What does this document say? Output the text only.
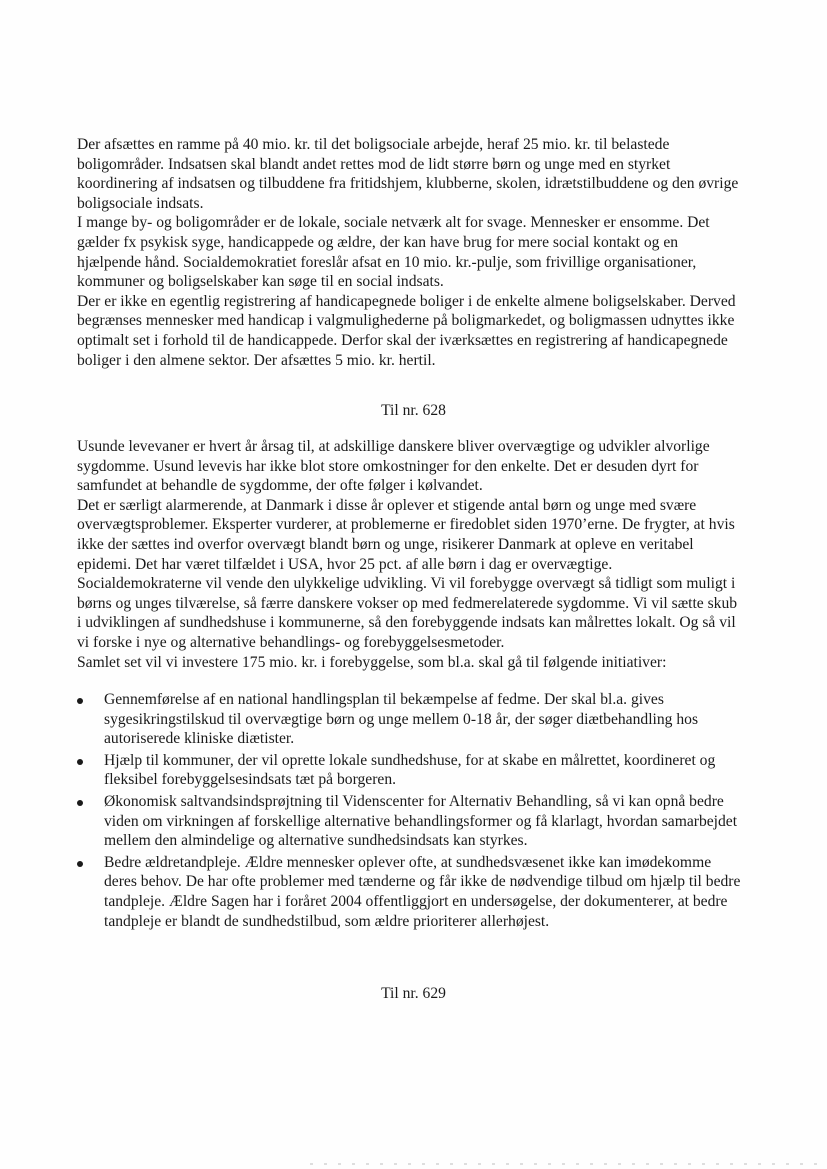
Der afsættes en ramme på 40 mio. kr. til det boligsociale arbejde, heraf 25 mio. kr. til belastede boligområder. Indsatsen skal blandt andet rettes mod de lidt større børn og unge med en styrket koordinering af indsatsen og tilbuddene fra fritidshjem, klubberne, skolen, idrætstilbuddene og den øvrige boligsociale indsats.

I mange by- og boligområder er de lokale, sociale netværk alt for svage. Mennesker er ensomme. Det gælder fx psykisk syge, handicappede og ældre, der kan have brug for mere social kontakt og en hjælpende hånd. Socialdemokratiet foreslår afsat en 10 mio. kr.-pulje, som frivillige organisationer, kommuner og boligselskaber kan søge til en social indsats.

Der er ikke en egentlig registrering af handicapegnede boliger i de enkelte almene boligselskaber. Derved begrænses mennesker med handicap i valgmulighederne på boligmarkedet, og boligmassen udnyttes ikke optimalt set i forhold til de handicappede. Derfor skal der iværksættes en registrering af handicapegnede boliger i den almene sektor. Der afsættes 5 mio. kr. hertil.

Til nr. 628

Usunde levevaner er hvert år årsag til, at adskillige danskere bliver overvægtige og udvikler alvorlige sygdomme. Usund levevis har ikke blot store omkostninger for den enkelte. Det er desuden dyrt for samfundet at behandle de sygdomme, der ofte følger i kølvandet.

Det er særligt alarmerende, at Danmark i disse år oplever et stigende antal børn og unge med svære overvægtsproblemer. Eksperter vurderer, at problemerne er firedoblet siden 1970’erne. De frygter, at hvis ikke der sættes ind overfor overvægt blandt børn og unge, risikerer Danmark at opleve en veritabel epidemi. Det har været tilfældet i USA, hvor 25 pct. af alle børn i dag er overvægtige.

Socialdemokraterne vil vende den ulykkelige udvikling. Vi vil forebygge overvægt så tidligt som muligt i børns og unges tilværelse, så færre danskere vokser op med fedmerelaterede sygdomme. Vi vil sætte skub i udviklingen af sundhedshuse i kommunerne, så den forebyggende indsats kan målrettes lokalt. Og så vil vi forske i nye og alternative behandlings- og forebyggelsesmetoder.

Samlet set vil vi investere 175 mio. kr. i forebyggelse, som bl.a. skal gå til følgende initiativer:

Gennemførelse af en national handlingsplan til bekæmpelse af fedme. Der skal bl.a. gives sygesikringstilskud til overvægtige børn og unge mellem 0-18 år, der søger diætbehandling hos autoriserede kliniske diætister.
Hjælp til kommuner, der vil oprette lokale sundhedshuse, for at skabe en målrettet, koordineret og fleksibel forebyggelsesindsats tæt på borgeren.
Økonomisk saltvandsindsprøjtning til Videnscenter for Alternativ Behandling, så vi kan opnå bedre viden om virkningen af forskellige alternative behandlingsformer og få klarlagt, hvordan samarbejdet mellem den almindelige og alternative sundhedsindsats kan styrkes.
Bedre ældretandpleje. Ældre mennesker oplever ofte, at sundhedsvæsenet ikke kan imødekomme deres behov. De har ofte problemer med tænderne og får ikke de nødvendige tilbud om hjælp til bedre tandpleje. Ældre Sagen har i foråret 2004 offentliggjort en undersøgelse, der dokumenterer, at bedre tandpleje er blandt de sundhedstilbud, som ældre prioriterer allerhøjest.

Til nr. 629
